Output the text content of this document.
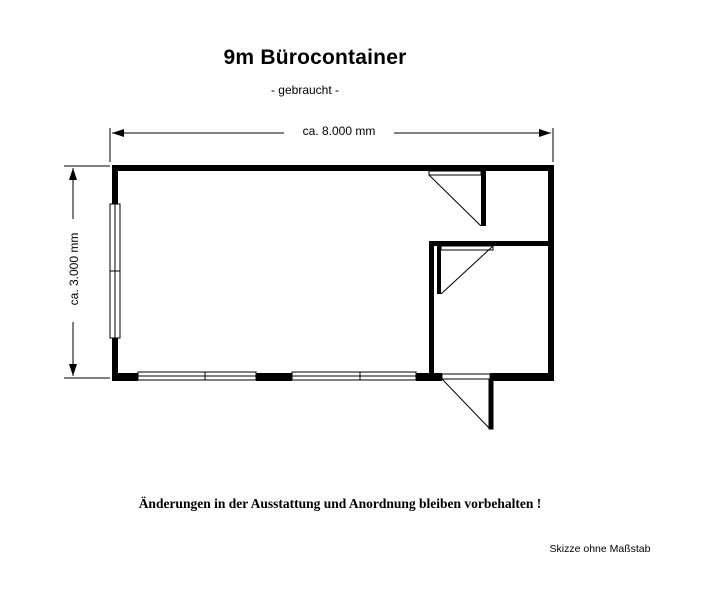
9m Bürocontainer
- gebraucht -
ca. 8.000 mm
ca. 3.000 mm
Änderungen in der Ausstattung und Anordnung bleiben vorbehalten !
Skizze ohne Maßstab
